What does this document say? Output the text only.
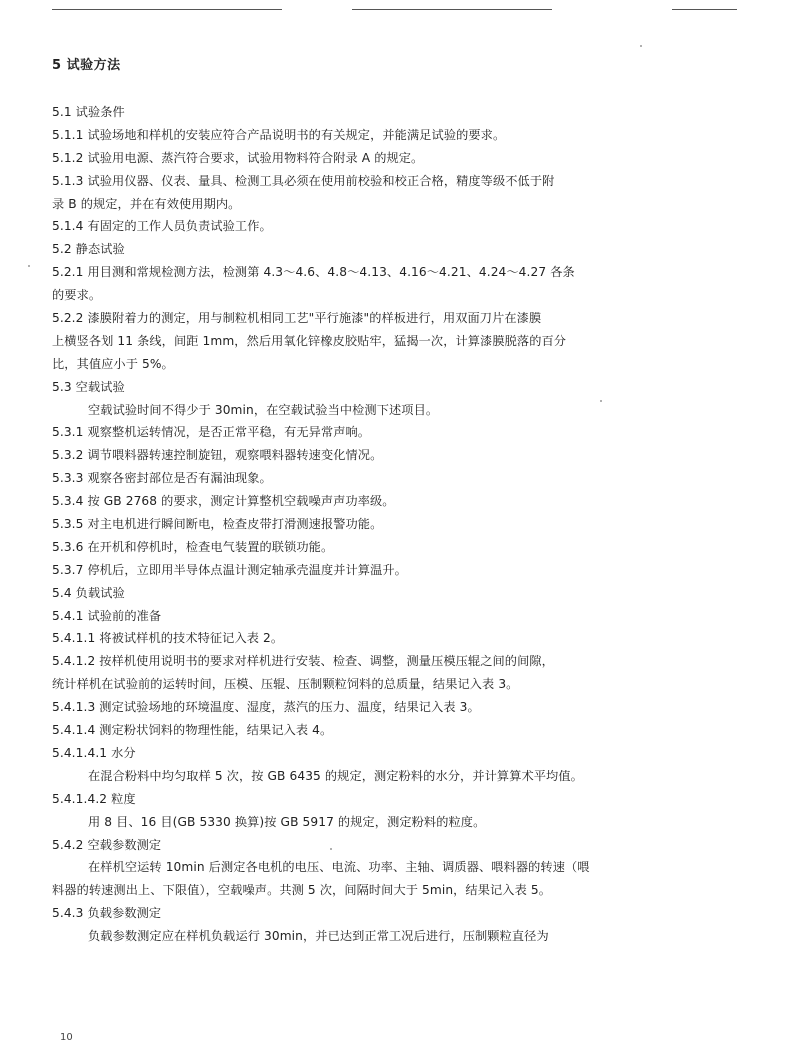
5 试验方法
5.1 试验条件
5.1.1 试验场地和样机的安装应符合产品说明书的有关规定，并能满足试验的要求。
5.1.2 试验用电源、蒸汽符合要求，试验用物料符合附录 A 的规定。
5.1.3 试验用仪器、仪表、量具、检测工具必须在使用前校验和校正合格，精度等级不低于附
录 B 的规定，并在有效使用期内。
5.1.4 有固定的工作人员负责试验工作。
5.2 静态试验
5.2.1 用目测和常规检测方法，检测第 4.3～4.6、4.8～4.13、4.16～4.21、4.24～4.27 各条
的要求。
5.2.2 漆膜附着力的测定，用与制粒机相同工艺"平行施漆"的样板进行，用双面刀片在漆膜
上横竖各划 11 条线，间距 1mm，然后用氧化锌橡皮胶贴牢，猛揭一次，计算漆膜脱落的百分
比，其值应小于 5%。
5.3 空载试验
空载试验时间不得少于 30min，在空载试验当中检测下述项目。
5.3.1 观察整机运转情况，是否正常平稳，有无异常声响。
5.3.2 调节喂料器转速控制旋钮，观察喂料器转速变化情况。
5.3.3 观察各密封部位是否有漏油现象。
5.3.4 按 GB 2768 的要求，测定计算整机空载噪声声功率级。
5.3.5 对主电机进行瞬间断电，检查皮带打滑测速报警功能。
5.3.6 在开机和停机时，检查电气装置的联锁功能。
5.3.7 停机后，立即用半导体点温计测定轴承壳温度并计算温升。
5.4 负载试验
5.4.1 试验前的准备
5.4.1.1 将被试样机的技术特征记入表 2。
5.4.1.2 按样机使用说明书的要求对样机进行安装、检查、调整，测量压模压辊之间的间隙，
统计样机在试验前的运转时间，压模、压辊、压制颗粒饲料的总质量，结果记入表 3。
5.4.1.3 测定试验场地的环境温度、湿度，蒸汽的压力、温度，结果记入表 3。
5.4.1.4 测定粉状饲料的物理性能，结果记入表 4。
5.4.1.4.1 水分
在混合粉料中均匀取样 5 次，按 GB 6435 的规定，测定粉料的水分，并计算算术平均值。
5.4.1.4.2 粒度
用 8 目、16 目(GB 5330 换算)按 GB 5917 的规定，测定粉料的粒度。
5.4.2 空载参数测定
在样机空运转 10min 后测定各电机的电压、电流、功率、主轴、调质器、喂料器的转速（喂
料器的转速测出上、下限值），空载噪声。共测 5 次，间隔时间大于 5min，结果记入表 5。
5.4.3 负载参数测定
负载参数测定应在样机负载运行 30min，并已达到正常工况后进行，压制颗粒直径为
10
